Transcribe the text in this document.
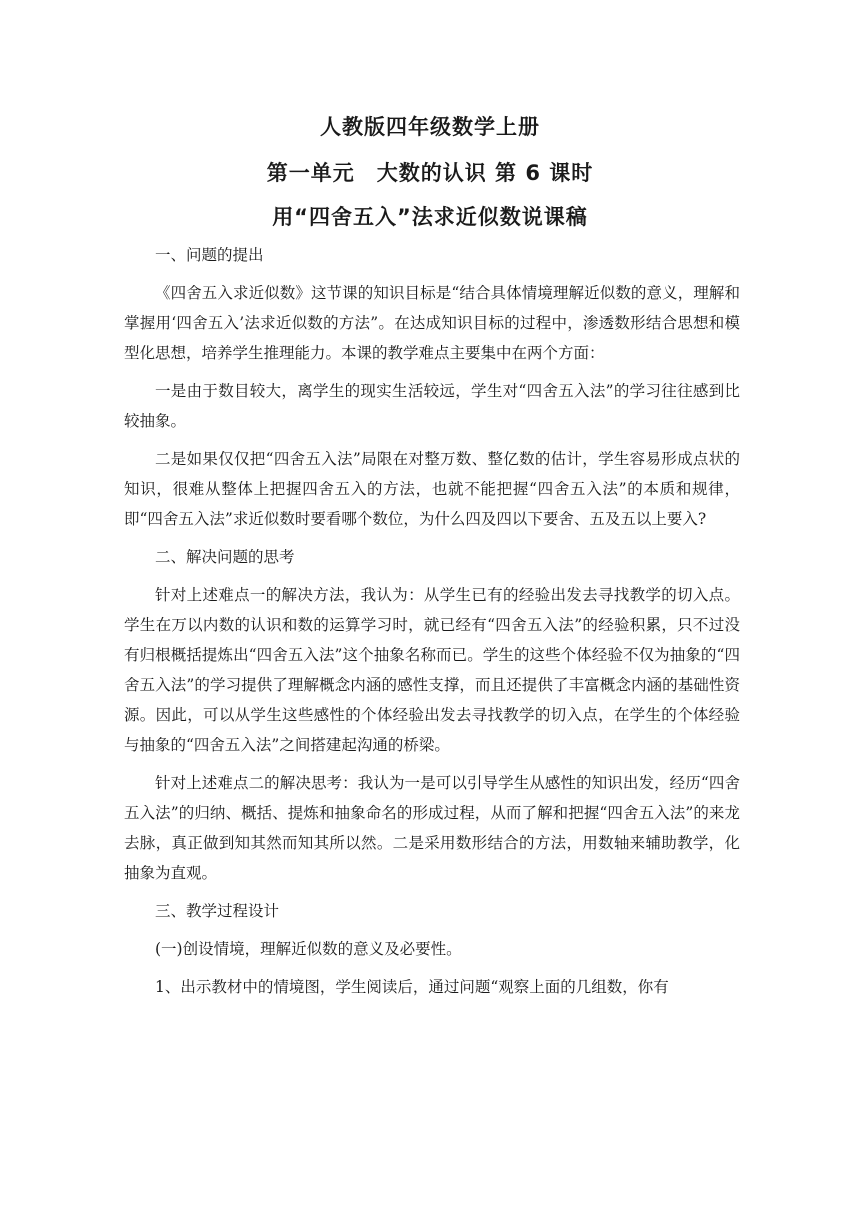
人教版四年级数学上册
第一单元　大数的认识 第 6 课时
用“四舍五入”法求近似数说课稿

一、问题的提出

《四舍五入求近似数》这节课的知识目标是“结合具体情境理解近似数的意义，理解和掌握用‘四舍五入’法求近似数的方法”。在达成知识目标的过程中，渗透数形结合思想和模型化思想，培养学生推理能力。本课的教学难点主要集中在两个方面：

一是由于数目较大，离学生的现实生活较远，学生对“四舍五入法”的学习往往感到比较抽象。

二是如果仅仅把“四舍五入法”局限在对整万数、整亿数的估计，学生容易形成点状的知识，很难从整体上把握四舍五入的方法，也就不能把握“四舍五入法”的本质和规律，即“四舍五入法”求近似数时要看哪个数位，为什么四及四以下要舍、五及五以上要入?

二、解决问题的思考

针对上述难点一的解决方法，我认为：从学生已有的经验出发去寻找教学的切入点。学生在万以内数的认识和数的运算学习时，就已经有“四舍五入法”的经验积累，只不过没有归根概括提炼出“四舍五入法”这个抽象名称而已。学生的这些个体经验不仅为抽象的“四舍五入法”的学习提供了理解概念内涵的感性支撑，而且还提供了丰富概念内涵的基础性资源。因此，可以从学生这些感性的个体经验出发去寻找教学的切入点，在学生的个体经验与抽象的“四舍五入法”之间搭建起沟通的桥梁。

针对上述难点二的解决思考：我认为一是可以引导学生从感性的知识出发，经历“四舍五入法”的归纳、概括、提炼和抽象命名的形成过程，从而了解和把握“四舍五入法”的来龙去脉，真正做到知其然而知其所以然。二是采用数形结合的方法，用数轴来辅助教学，化抽象为直观。

三、教学过程设计

(一)创设情境，理解近似数的意义及必要性。

1、出示教材中的情境图，学生阅读后，通过问题“观察上面的几组数，你有
